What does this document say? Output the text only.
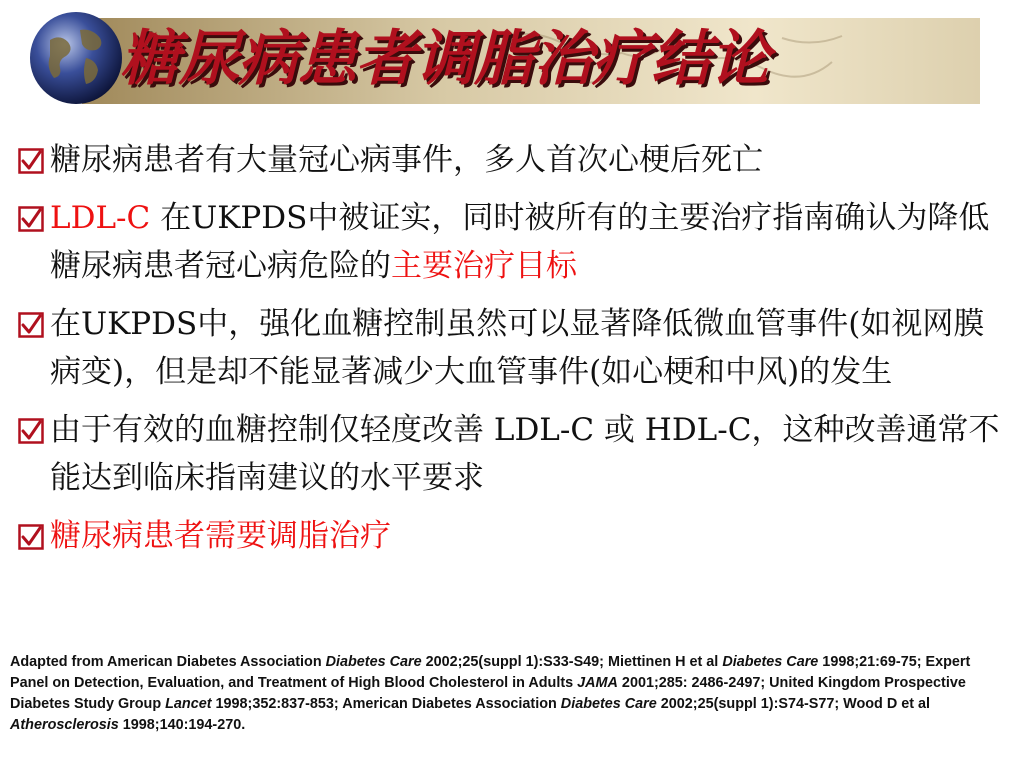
糖尿病患者调脂治疗结论
糖尿病患者有大量冠心病事件，多人首次心梗后死亡
LDL-C 在UKPDS中被证实，同时被所有的主要治疗指南确认为降低糖尿病患者冠心病危险的主要治疗目标
在UKPDS中，强化血糖控制虽然可以显著降低微血管事件(如视网膜病变)，但是却不能显著减少大血管事件(如心梗和中风)的发生
由于有效的血糖控制仅轻度改善 LDL-C 或 HDL-C，这种改善通常不能达到临床指南建议的水平要求
糖尿病患者需要调脂治疗
Adapted from American Diabetes Association Diabetes Care 2002;25(suppl 1):S33-S49; Miettinen H et al Diabetes Care 1998;21:69-75; Expert Panel on Detection, Evaluation, and Treatment of High Blood Cholesterol in Adults JAMA 2001;285: 2486-2497; United Kingdom Prospective Diabetes Study Group Lancet 1998;352:837-853; American Diabetes Association Diabetes Care 2002;25(suppl 1):S74-S77; Wood D et al Atherosclerosis 1998;140:194-270.
